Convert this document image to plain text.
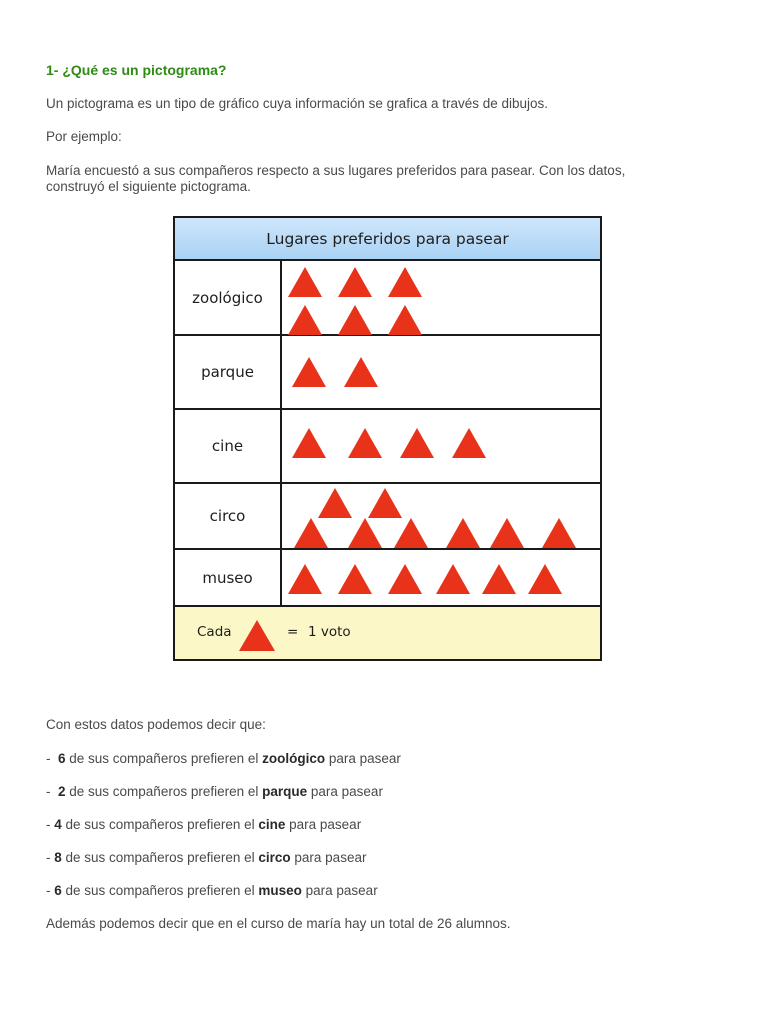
1- ¿Qué es un pictograma?
Un pictograma es un tipo de gráfico cuya información se grafica a través de dibujos.
Por ejemplo:
María encuestó a sus compañeros respecto a sus lugares preferidos para pasear. Con los datos,
construyó el siguiente pictograma.
Lugares preferidos para pasear
zoológico
parque
cine
circo
museo
Cada	= 1 voto
Con estos datos podemos decir que:
-  6 de sus compañeros prefieren el zoológico para pasear
-  2 de sus compañeros prefieren el parque para pasear
- 4 de sus compañeros prefieren el cine para pasear
- 8 de sus compañeros prefieren el circo para pasear
- 6 de sus compañeros prefieren el museo para pasear
Además podemos decir que en el curso de maría hay un total de 26 alumnos.
